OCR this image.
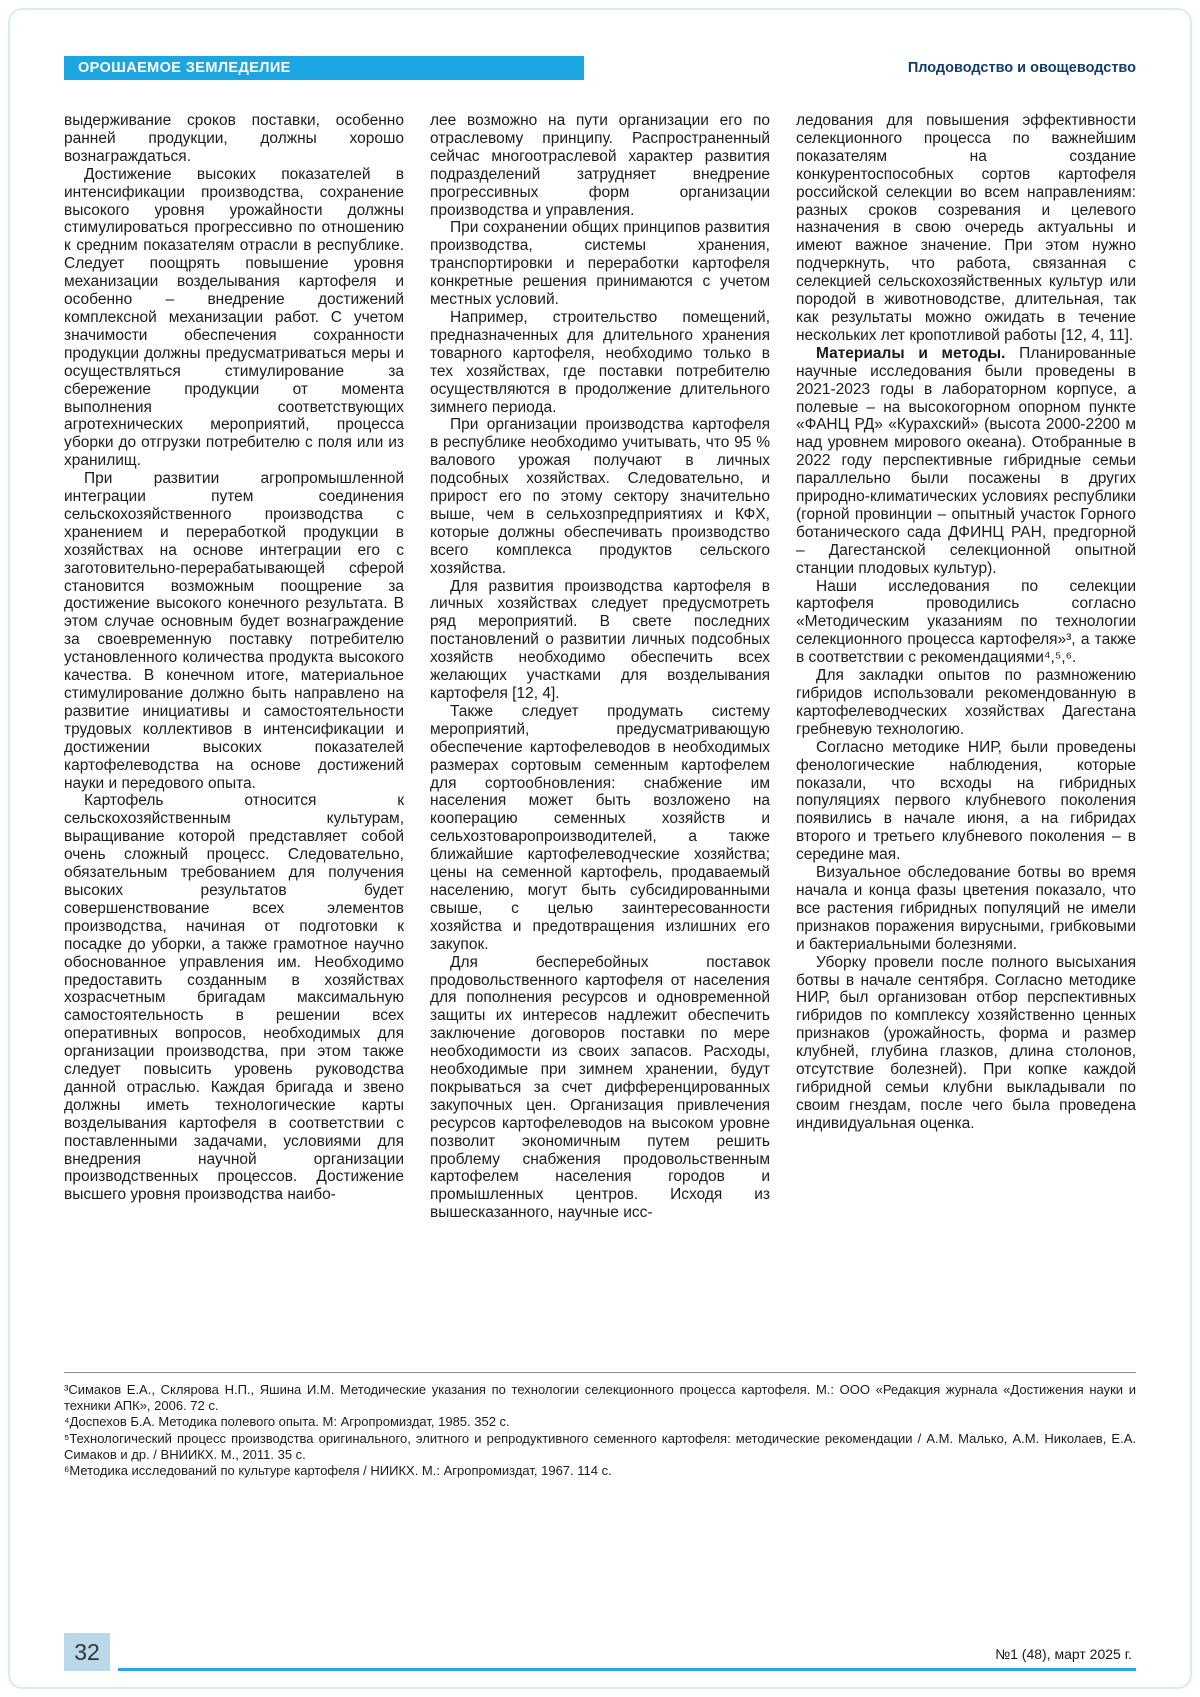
ОРОШАЕМОЕ ЗЕМЛЕДЕЛИЕ	Плодоводство и овощеводство

выдерживание сроков поставки, особенно ранней продукции, должны хорошо вознаграждаться.

Достижение высоких показателей в интенсификации производства, сохранение высокого уровня урожайности должны стимулироваться прогрессивно по отношению к средним показателям отрасли в республике. Следует поощрять повышение уровня механизации возделывания картофеля и особенно – внедрение достижений комплексной механизации работ. С учетом значимости обеспечения сохранности продукции должны предусматриваться меры и осуществляться стимулирование за сбережение продукции от момента выполнения соответствующих агротехнических мероприятий, процесса уборки до отгрузки потребителю с поля или из хранилищ.

При развитии агропромышленной интеграции путем соединения сельскохозяйственного производства с хранением и переработкой продукции в хозяйствах на основе интеграции его с заготовительно-перерабатывающей сферой становится возможным поощрение за достижение высокого конечного результата. В этом случае основным будет вознаграждение за своевременную поставку потребителю установленного количества продукта высокого качества. В конечном итоге, материальное стимулирование должно быть направлено на развитие инициативы и самостоятельности трудовых коллективов в интенсификации и достижении высоких показателей картофелеводства на основе достижений науки и передового опыта.

Картофель относится к сельскохозяйственным культурам, выращивание которой представляет собой очень сложный процесс. Следовательно, обязательным требованием для получения высоких результатов будет совершенствование всех элементов производства, начиная от подготовки к посадке до уборки, а также грамотное научно обоснованное управления им. Необходимо предоставить созданным в хозяйствах хозрасчетным бригадам максимальную самостоятельность в решении всех оперативных вопросов, необходимых для организации производства, при этом также следует повысить уровень руководства данной отраслью. Каждая бригада и звено должны иметь технологические карты возделывания картофеля в соответствии с поставленными задачами, условиями для внедрения научной организации производственных процессов. Достижение высшего уровня производства наибо-

лее возможно на пути организации его по отраслевому принципу. Распространенный сейчас многоотраслевой характер развития подразделений затрудняет внедрение прогрессивных форм организации производства и управления.

При сохранении общих принципов развития производства, системы хранения, транспортировки и переработки картофеля конкретные решения принимаются с учетом местных условий.

Например, строительство помещений, предназначенных для длительного хранения товарного картофеля, необходимо только в тех хозяйствах, где поставки потребителю осуществляются в продолжение длительного зимнего периода.

При организации производства картофеля в республике необходимо учитывать, что 95 % валового урожая получают в личных подсобных хозяйствах. Следовательно, и прирост его по этому сектору значительно выше, чем в сельхозпредприятиях и КФХ, которые должны обеспечивать производство всего комплекса продуктов сельского хозяйства.

Для развития производства картофеля в личных хозяйствах следует предусмотреть ряд мероприятий. В свете последних постановлений о развитии личных подсобных хозяйств необходимо обеспечить всех желающих участками для возделывания картофеля [12, 4].

Также следует продумать систему мероприятий, предусматривающую обеспечение картофелеводов в необходимых размерах сортовым семенным картофелем для сортообновления: снабжение им населения может быть возложено на кооперацию семенных хозяйств и сельхозтоваропроизводителей, а также ближайшие картофелеводческие хозяйства; цены на семенной картофель, продаваемый населению, могут быть субсидированными свыше, с целью заинтересованности хозяйства и предотвращения излишних его закупок.

Для бесперебойных поставок продовольственного картофеля от населения для пополнения ресурсов и одновременной защиты их интересов надлежит обеспечить заключение договоров поставки по мере необходимости из своих запасов. Расходы, необходимые при зимнем хранении, будут покрываться за счет дифференцированных закупочных цен. Организация привлечения ресурсов картофелеводов на высоком уровне позволит экономичным путем решить проблему снабжения продовольственным картофелем населения городов и промышленных центров. Исходя из вышесказанного, научные исс-

ледования для повышения эффективности селекционного процесса по важнейшим показателям на создание конкурентоспособных сортов картофеля российской селекции во всем направлениям: разных сроков созревания и целевого назначения в свою очередь актуальны и имеют важное значение. При этом нужно подчеркнуть, что работа, связанная с селекцией сельскохозяйственных культур или породой в животноводстве, длительная, так как результаты можно ожидать в течение нескольких лет кропотливой работы [12, 4, 11].

Материалы и методы. Планированные научные исследования были проведены в 2021-2023 годы в лабораторном корпусе, а полевые – на высокогорном опорном пункте «ФАНЦ РД» «Курахский» (высота 2000-2200 м над уровнем мирового океана). Отобранные в 2022 году перспективные гибридные семьи параллельно были посажены в других природно-климатических условиях республики (горной провинции – опытный участок Горного ботанического сада ДФИНЦ РАН, предгорной – Дагестанской селекционной опытной станции плодовых культур).

Наши исследования по селекции картофеля проводились согласно «Методическим указаниям по технологии селекционного процесса картофеля»³, а также в соответствии с рекомендациями⁴,⁵,⁶.

Для закладки опытов по размножению гибридов использовали рекомендованную в картофелеводческих хозяйствах Дагестана гребневую технологию.

Согласно методике НИР, были проведены фенологические наблюдения, которые показали, что всходы на гибридных популяциях первого клубневого поколения появились в начале июня, а на гибридах второго и третьего клубневого поколения – в середине мая.

Визуальное обследование ботвы во время начала и конца фазы цветения показало, что все растения гибридных популяций не имели признаков поражения вирусными, грибковыми и бактериальными болезнями.

Уборку провели после полного высыхания ботвы в начале сентября. Согласно методике НИР, был организован отбор перспективных гибридов по комплексу хозяйственно ценных признаков (урожайность, форма и размер клубней, глубина глазков, длина столонов, отсутствие болезней). При копке каждой гибридной семьи клубни выкладывали по своим гнездам, после чего была проведена индивидуальная оценка.

³Симаков Е.А., Склярова Н.П., Яшина И.М. Методические указания по технологии селекционного процесса картофеля. М.: ООО «Редакция журнала «Достижения науки и техники АПК», 2006. 72 с.

⁴Доспехов Б.А. Методика полевого опыта. М: Агропромиздат, 1985. 352 с.

⁵Технологический процесс производства оригинального, элитного и репродуктивного семенного картофеля: методические рекомендации / А.М. Малько, А.М. Николаев, Е.А. Симаков и др. / ВНИИКХ. М., 2011. 35 с.

⁶Методика исследований по культуре картофеля / НИИКХ. М.: Агропромиздат, 1967. 114 с.

32	№1 (48), март 2025 г.
